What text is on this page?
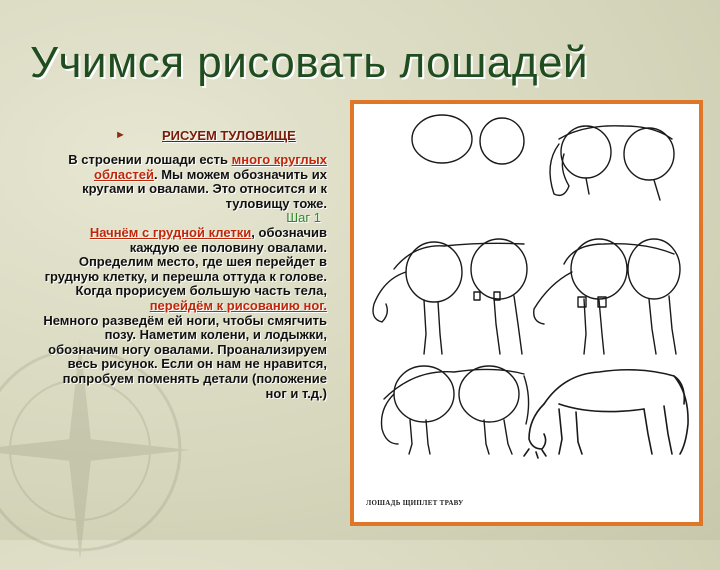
Учимся рисовать лошадей
►	РИСУЕМ ТУЛОВИЩЕ

В строении лошади есть много круглых областей. Мы можем обозначить их кругами и овалами. Это относится и к туловищу тоже.

Шаг 1

Начнём с грудной клетки, обозначив каждую ее половину овалами.

Определим место, где шея перейдет в грудную клетку, и перешла оттуда к голове. Когда прорисуем большую часть тела,

перейдём к рисованию ног.

Немного разведём ей ноги, чтобы смягчить позу. Наметим колени, и лодыжки, обозначим ногу овалами. Проанализируем весь рисунок. Если он нам не нравится, попробуем поменять детали (положение ног и т.д.)

ЛОШАДЬ ЩИПЛЕТ ТРАВУ
